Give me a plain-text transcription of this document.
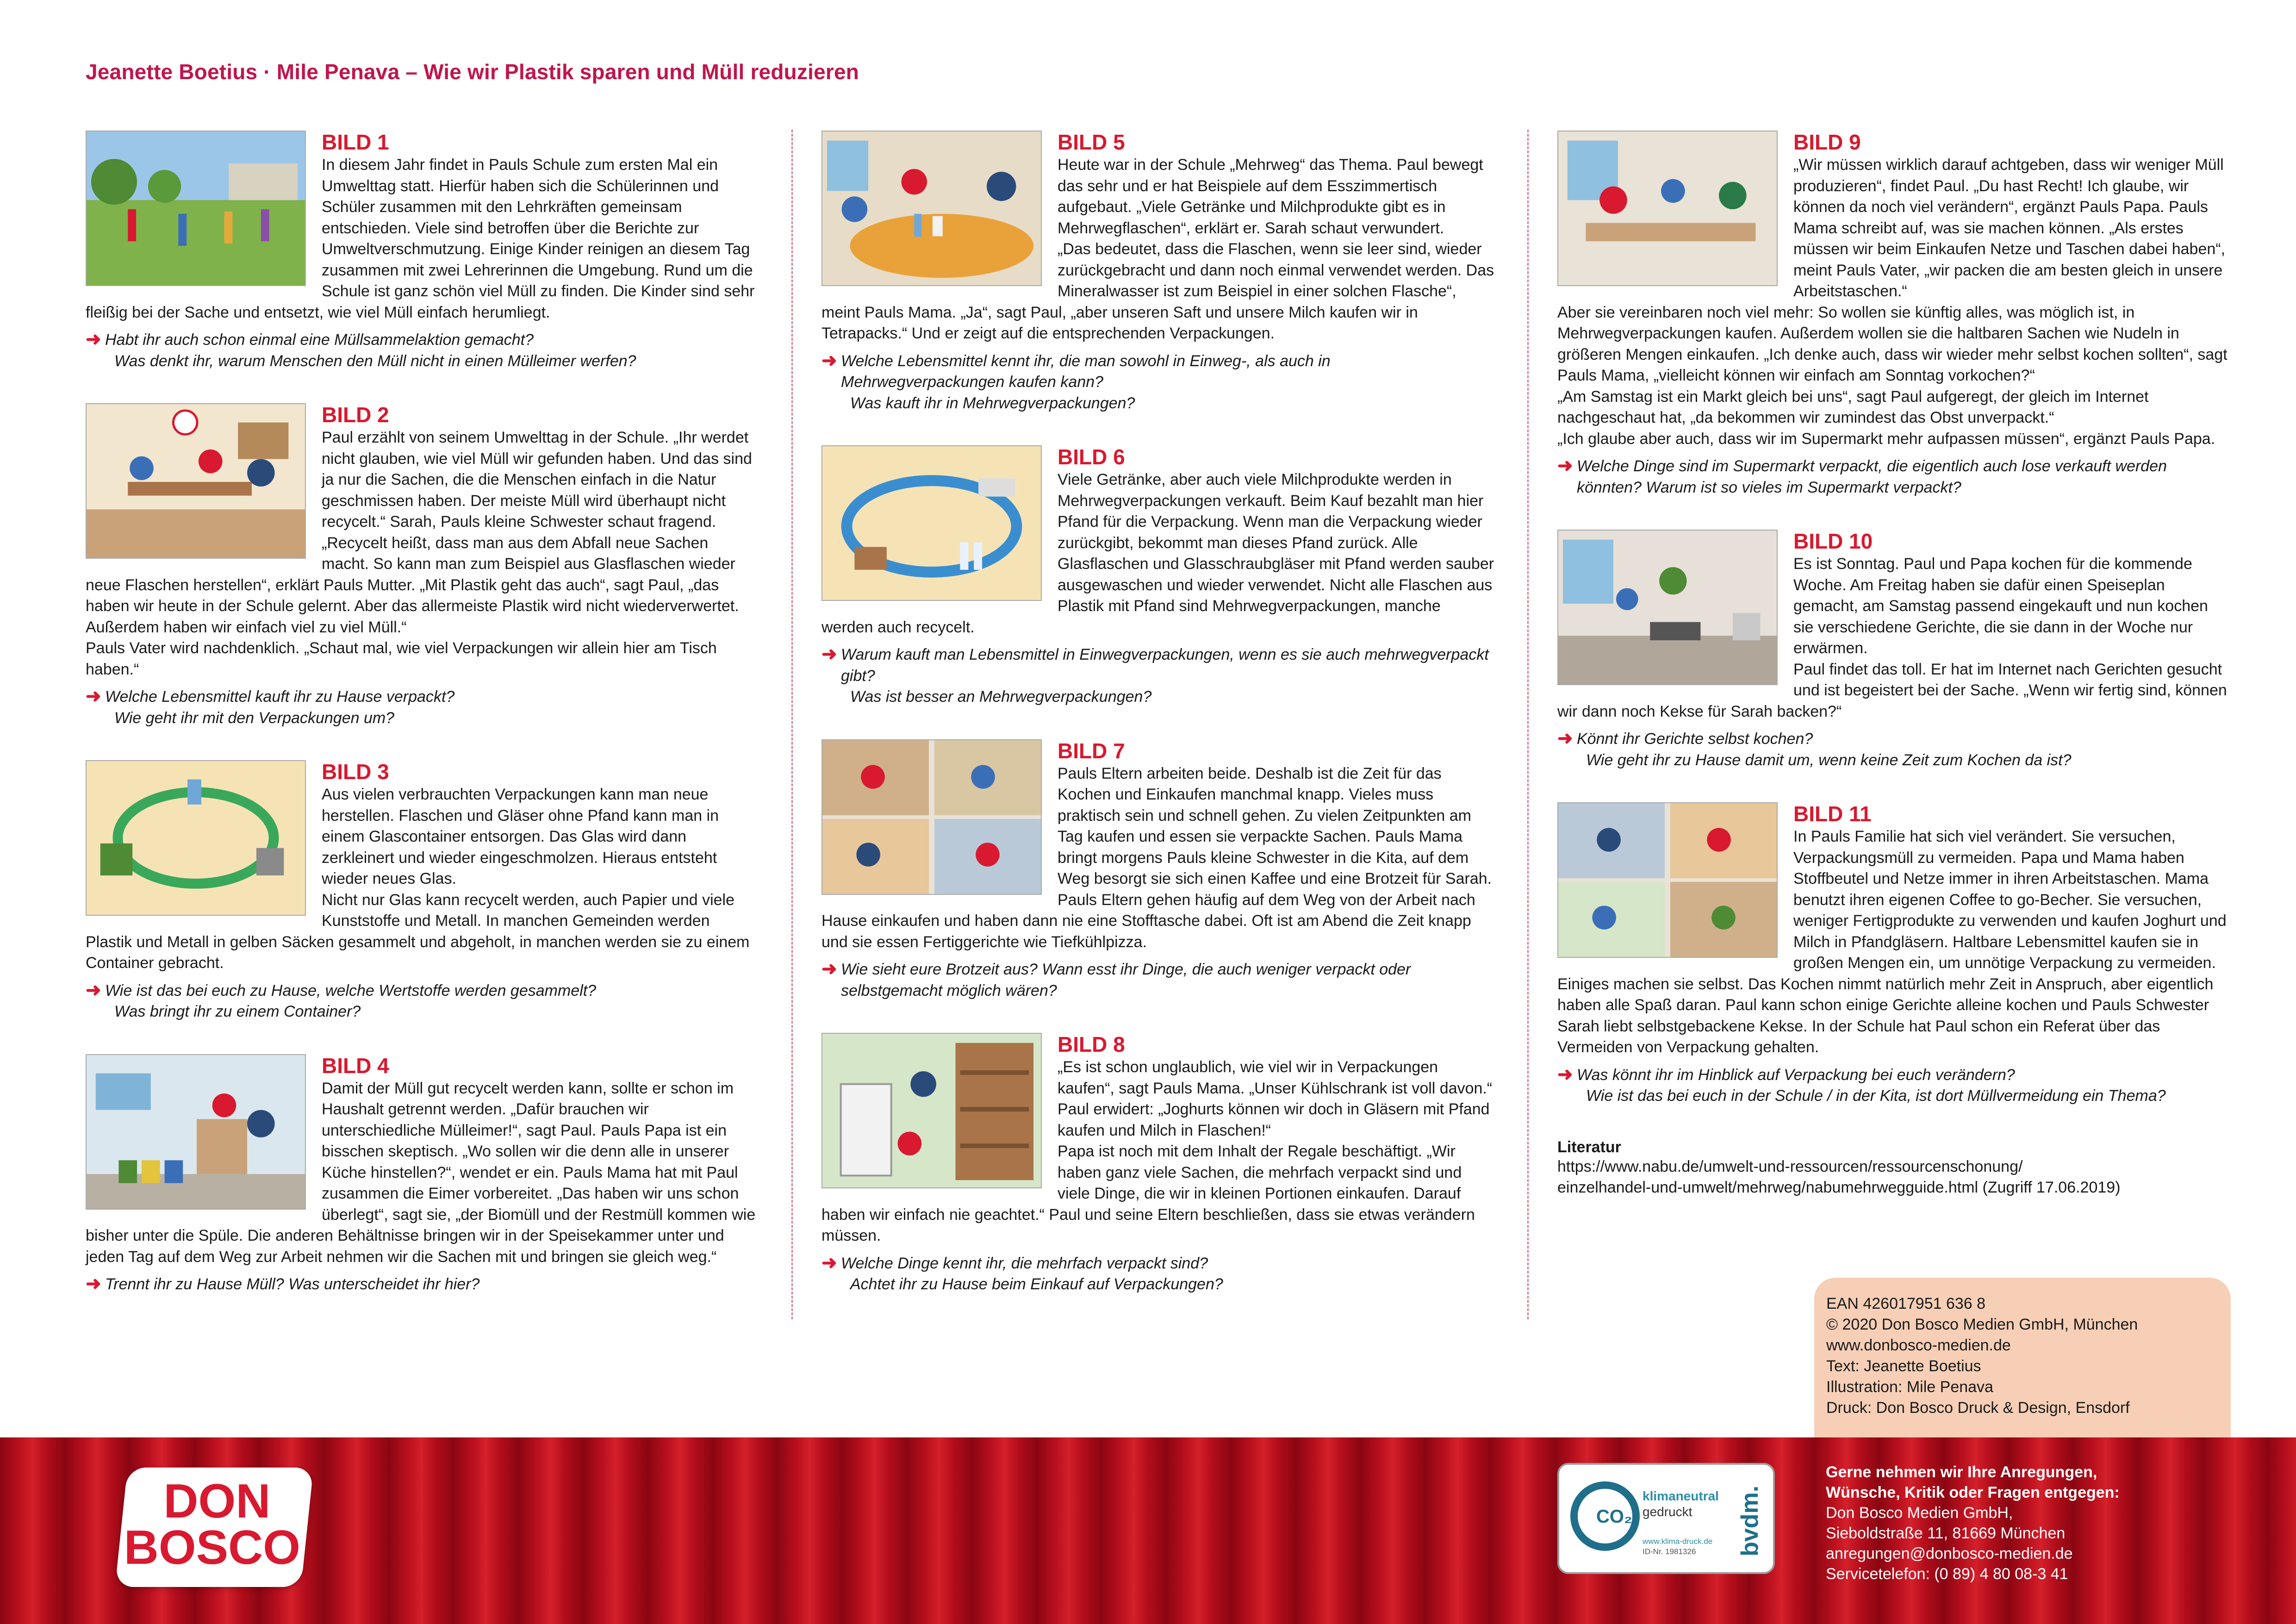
Jeanette Boetius · Mile Penava – Wie wir Plastik sparen und Müll reduzieren
BILD 1
In diesem Jahr findet in Pauls Schule zum ersten Mal ein Umwelttag statt. Hierfür haben sich die Schülerinnen und Schüler zusammen mit den Lehrkräften gemeinsam entschieden. Viele sind betroffen über die Berichte zur Umweltverschmutzung. Einige Kinder reinigen an diesem Tag zusammen mit zwei Lehrerinnen die Umgebung. Rund um die Schule ist ganz schön viel Müll zu finden. Die Kinder sind sehr fleißig bei der Sache und entsetzt, wie viel Müll einfach herumliegt.
➜ Habt ihr auch schon einmal eine Müllsammelaktion gemacht?
Was denkt ihr, warum Menschen den Müll nicht in einen Mülleimer werfen?
BILD 2
Paul erzählt von seinem Umwelttag in der Schule. „Ihr werdet nicht glauben, wie viel Müll wir gefunden haben. Und das sind ja nur die Sachen, die die Menschen einfach in die Natur geschmissen haben. Der meiste Müll wird überhaupt nicht recycelt.“ Sarah, Pauls kleine Schwester schaut fragend.
„Recycelt heißt, dass man aus dem Abfall neue Sachen macht. So kann man zum Beispiel aus Glasflaschen wieder neue Flaschen herstellen“, erklärt Pauls Mutter. „Mit Plastik geht das auch“, sagt Paul, „das haben wir heute in der Schule gelernt. Aber das allermeiste Plastik wird nicht wiederverwertet. Außerdem haben wir einfach viel zu viel Müll.“
Pauls Vater wird nachdenklich. „Schaut mal, wie viel Verpackungen wir allein hier am Tisch haben.“
➜ Welche Lebensmittel kauft ihr zu Hause verpackt?
Wie geht ihr mit den Verpackungen um?
BILD 3
Aus vielen verbrauchten Verpackungen kann man neue herstellen. Flaschen und Gläser ohne Pfand kann man in einem Glascontainer entsorgen. Das Glas wird dann zerkleinert und wieder eingeschmolzen. Hieraus entsteht wieder neues Glas.
Nicht nur Glas kann recycelt werden, auch Papier und viele Kunststoffe und Metall. In manchen Gemeinden werden Plastik und Metall in gelben Säcken gesammelt und abgeholt, in manchen werden sie zu einem Container gebracht.
➜ Wie ist das bei euch zu Hause, welche Wertstoffe werden gesammelt?
Was bringt ihr zu einem Container?
BILD 4
Damit der Müll gut recycelt werden kann, sollte er schon im Haushalt getrennt werden. „Dafür brauchen wir unterschiedliche Mülleimer!“, sagt Paul. Pauls Papa ist ein bisschen skeptisch. „Wo sollen wir die denn alle in unserer Küche hinstellen?“, wendet er ein. Pauls Mama hat mit Paul zusammen die Eimer vorbereitet. „Das haben wir uns schon überlegt“, sagt sie, „der Biomüll und der Restmüll kommen wie bisher unter die Spüle. Die anderen Behältnisse bringen wir in der Speisekammer unter und jeden Tag auf dem Weg zur Arbeit nehmen wir die Sachen mit und bringen sie gleich weg.“
➜ Trennt ihr zu Hause Müll? Was unterscheidet ihr hier?
BILD 5
Heute war in der Schule „Mehrweg“ das Thema. Paul bewegt das sehr und er hat Beispiele auf dem Esszimmertisch aufgebaut. „Viele Getränke und Milchprodukte gibt es in Mehrwegflaschen“, erklärt er. Sarah schaut verwundert.
„Das bedeutet, dass die Flaschen, wenn sie leer sind, wieder zurückgebracht und dann noch einmal verwendet werden. Das Mineralwasser ist zum Beispiel in einer solchen Flasche“, meint Pauls Mama. „Ja“, sagt Paul, „aber unseren Saft und unsere Milch kaufen wir in Tetrapacks.“ Und er zeigt auf die entsprechenden Verpackungen.
➜ Welche Lebensmittel kennt ihr, die man sowohl in Einweg-, als auch in Mehrwegverpackungen kaufen kann?
Was kauft ihr in Mehrwegverpackungen?
BILD 6
Viele Getränke, aber auch viele Milchprodukte werden in Mehrwegverpackungen verkauft. Beim Kauf bezahlt man hier Pfand für die Verpackung. Wenn man die Verpackung wieder zurückgibt, bekommt man dieses Pfand zurück. Alle Glasflaschen und Glasschraubgläser mit Pfand werden sauber ausgewaschen und wieder verwendet. Nicht alle Flaschen aus Plastik mit Pfand sind Mehrwegverpackungen, manche werden auch recycelt.
➜ Warum kauft man Lebensmittel in Einwegverpackungen, wenn es sie auch mehrwegverpackt gibt?
Was ist besser an Mehrwegverpackungen?
BILD 7
Pauls Eltern arbeiten beide. Deshalb ist die Zeit für das Kochen und Einkaufen manchmal knapp. Vieles muss praktisch sein und schnell gehen. Zu vielen Zeitpunkten am Tag kaufen und essen sie verpackte Sachen. Pauls Mama bringt morgens Pauls kleine Schwester in die Kita, auf dem Weg besorgt sie sich einen Kaffee und eine Brotzeit für Sarah. Pauls Eltern gehen häufig auf dem Weg von der Arbeit nach Hause einkaufen und haben dann nie eine Stofftasche dabei. Oft ist am Abend die Zeit knapp und sie essen Fertiggerichte wie Tiefkühlpizza.
➜ Wie sieht eure Brotzeit aus? Wann esst ihr Dinge, die auch weniger verpackt oder selbstgemacht möglich wären?
BILD 8
„Es ist schon unglaublich, wie viel wir in Verpackungen kaufen“, sagt Pauls Mama. „Unser Kühlschrank ist voll davon.“
Paul erwidert: „Joghurts können wir doch in Gläsern mit Pfand kaufen und Milch in Flaschen!“
Papa ist noch mit dem Inhalt der Regale beschäftigt. „Wir haben ganz viele Sachen, die mehrfach verpackt sind und viele Dinge, die wir in kleinen Portionen einkaufen. Darauf haben wir einfach nie geachtet.“ Paul und seine Eltern beschließen, dass sie etwas verändern müssen.
➜ Welche Dinge kennt ihr, die mehrfach verpackt sind?
Achtet ihr zu Hause beim Einkauf auf Verpackungen?
BILD 9
„Wir müssen wirklich darauf achtgeben, dass wir weniger Müll produzieren“, findet Paul. „Du hast Recht! Ich glaube, wir können da noch viel verändern“, ergänzt Pauls Papa. Pauls Mama schreibt auf, was sie machen können. „Als erstes müssen wir beim Einkaufen Netze und Taschen dabei haben“, meint Pauls Vater, „wir packen die am besten gleich in unsere Arbeitstaschen.“
Aber sie vereinbaren noch viel mehr: So wollen sie künftig alles, was möglich ist, in Mehrwegverpackungen kaufen. Außerdem wollen sie die haltbaren Sachen wie Nudeln in größeren Mengen einkaufen. „Ich denke auch, dass wir wieder mehr selbst kochen sollten“, sagt Pauls Mama, „vielleicht können wir einfach am Sonntag vorkochen?“
„Am Samstag ist ein Markt gleich bei uns“, sagt Paul aufgeregt, der gleich im Internet nachgeschaut hat, „da bekommen wir zumindest das Obst unverpackt.“
„Ich glaube aber auch, dass wir im Supermarkt mehr aufpassen müssen“, ergänzt Pauls Papa.
➜ Welche Dinge sind im Supermarkt verpackt, die eigentlich auch lose verkauft werden könnten? Warum ist so vieles im Supermarkt verpackt?
BILD 10
Es ist Sonntag. Paul und Papa kochen für die kommende Woche. Am Freitag haben sie dafür einen Speiseplan gemacht, am Samstag passend eingekauft und nun kochen sie verschiedene Gerichte, die sie dann in der Woche nur erwärmen.
Paul findet das toll. Er hat im Internet nach Gerichten gesucht und ist begeistert bei der Sache. „Wenn wir fertig sind, können wir dann noch Kekse für Sarah backen?“
➜ Könnt ihr Gerichte selbst kochen?
Wie geht ihr zu Hause damit um, wenn keine Zeit zum Kochen da ist?
BILD 11
In Pauls Familie hat sich viel verändert. Sie versuchen, Verpackungsmüll zu vermeiden. Papa und Mama haben Stoffbeutel und Netze immer in ihren Arbeitstaschen. Mama benutzt ihren eigenen Coffee to go-Becher. Sie versuchen, weniger Fertigprodukte zu verwenden und kaufen Joghurt und Milch in Pfandgläsern. Haltbare Lebensmittel kaufen sie in großen Mengen ein, um unnötige Verpackung zu vermeiden. Einiges machen sie selbst. Das Kochen nimmt natürlich mehr Zeit in Anspruch, aber eigentlich haben alle Spaß daran. Paul kann schon einige Gerichte alleine kochen und Pauls Schwester Sarah liebt selbstgebackene Kekse. In der Schule hat Paul schon ein Referat über das Vermeiden von Verpackung gehalten.
➜ Was könnt ihr im Hinblick auf Verpackung bei euch verändern?
Wie ist das bei euch in der Schule / in der Kita, ist dort Müllvermeidung ein Thema?
Literatur
https://www.nabu.de/umwelt-und-ressourcen/ressourcenschonung/
einzelhandel-und-umwelt/mehrweg/nabumehrwegguide.html (Zugriff 17.06.2019)
EAN 426017951 636 8
© 2020 Don Bosco Medien GmbH, München
www.donbosco-medien.de
Text: Jeanette Boetius
Illustration: Mile Penava
Druck: Don Bosco Druck & Design, Ensdorf
DON
BOSCO
CO₂
klimaneutral
gedruckt
www.klima-druck.de
ID-Nr. 1981326 bvdm.
Gerne nehmen wir Ihre Anregungen,
Wünsche, Kritik oder Fragen entgegen:
Don Bosco Medien GmbH,
Sieboldstraße 11, 81669 München
anregungen@donbosco-medien.de
Servicetelefon: (0 89) 4 80 08-3 41
